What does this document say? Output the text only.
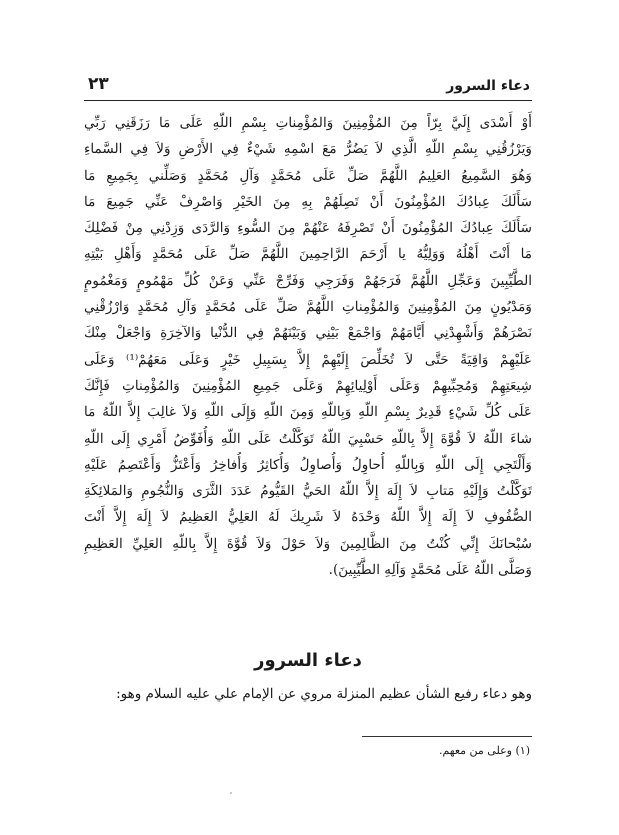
٢٣	دعاء السرور
أَوْ أَسْدَى إِلَيَّ بِرّاً مِنَ المُؤْمِنِينَ وَالمُؤْمِناتِ بِسْمِ اللّهِ عَلَى مَا رَزَقَنِي رَبِّي
وَيَرْزُقُنِي بِسْمِ اللّهِ الَّذِي لاَ يَضُرُّ مَعَ اسْمِهِ شَيْءٌ فِي الأَرْضِ وَلاَ فِي السَّماءِ
وَهُوَ السَّمِيعُ العَلِيمُ اللَّهُمَّ صَلِّ عَلَى مُحَمَّدٍ وَآلِ مُحَمَّدٍ وَصَلِّني بِجَمِيعِ مَا
سَأَلَكَ عِبادُكَ المُؤْمِنُونَ أَنْ تَصِلَهُمْ بِهِ مِنَ الخَيْرِ وَاصْرِفْ عَنِّي جَمِيعَ مَا
سَأَلَكَ عِبادُكَ المُؤْمِنُونَ أَنْ تَصْرِفَهُ عَنْهُمْ مِنَ السُّوءِ وَالرَّدَى وَزِدْنِي مِنْ فَضْلِكَ
مَا أَنْتَ أَهْلُهُ وَوَلِيُّهُ يا أَرْحَمَ الرَّاحِمِينَ اللَّهُمَّ صَلِّ عَلَى مُحَمَّدٍ وَأَهْلِ بَيْتِهِ
الطَّيِّبِينَ وَعَجِّلِ اللَّهُمَّ فَرَجَهُمْ وَفَرَجِي وَفَرِّجْ عَنِّي وَعَنْ كُلِّ مَهْمُومٍ وَمَغْمُومٍ
وَمَدْيُونٍ مِنَ المُؤْمِنِينَ وَالمُؤْمِناتِ اللَّهُمَّ صَلِّ عَلَى مُحَمَّدٍ وَآلِ مُحَمَّدٍ وَارْزُقْنِي
نَصْرَهُمْ وَأَشْهِدْنِي أَيَّامَهُمْ وَاجْمَعْ بَيْنِي وَبَيْنَهُمْ فِي الدُّنْيا وَالآخِرَةِ وَاجْعَلْ مِنْكَ
عَلَيْهِمْ وَاقِيَةً حَتَّى لاَ تُخَلِّصَ إِلَيْهِمْ إِلاَّ بِسَبِيلِ خَيْرٍ وَعَلَى مَعَهُمْ⁽¹⁾ وَعَلَى
شِيعَتِهِمْ وَمُحِبِّيهِمْ وَعَلَى أَوْلِيائِهِمْ وَعَلَى جَمِيعِ المُؤْمِنِينَ وَالمُؤْمِناتِ فَإِنَّكَ
عَلَى كُلِّ شَيْءٍ قَدِيرٌ بِسْمِ اللّهِ وَبِاللّهِ وَمِنَ اللّهِ وَإِلَى اللّهِ وَلاَ غالِبَ إِلاَّ اللّهُ مَا
شاءَ اللّهُ لاَ قُوَّةَ إِلاَّ بِاللّهِ حَسْبِيَ اللّهُ تَوَكَّلْتُ عَلَى اللّهِ وَأُفَوِّضُ أَمْرِي إِلَى اللّهِ
وَأَلْتَجِي إِلَى اللّهِ وَبِاللّهِ أُحاوِلُ وَأُصاوِلُ وَأُكاثِرُ وَأُفاخِرُ وَأَعْتَزُّ وَأَعْتَصِمُ عَلَيْهِ
تَوَكَّلْتُ وَإِلَيْهِ مَتابِ لاَ إِلَهَ إِلاَّ اللّهُ الحَيُّ القَيُّومُ عَدَدَ الثَّرَى وَالنُّجُومِ وَالمَلائِكَةِ
الصُّفُوفِ لاَ إِلَهَ إِلاَّ اللّهُ وَحْدَهُ لاَ شَرِيكَ لَهُ العَلِيُّ العَظِيمُ لاَ إِلَهَ إِلاَّ أَنْتَ
سُبْحانَكَ إِنِّي كُنْتُ مِنَ الظَّالِمِينَ وَلاَ حَوْلَ وَلاَ قُوَّةَ إِلاَّ بِاللّهِ العَلِيِّ العَظِيمِ
وَصَلَّى اللّهُ عَلَى مُحَمَّدٍ وَآلِهِ الطَّيِّبِينَ).
دعاء السرور
وهو دعاء رفيع الشأن عظيم المنزلة مروي عن الإمام علي عليه السلام وهو:
(١) وعلى من معهم.
